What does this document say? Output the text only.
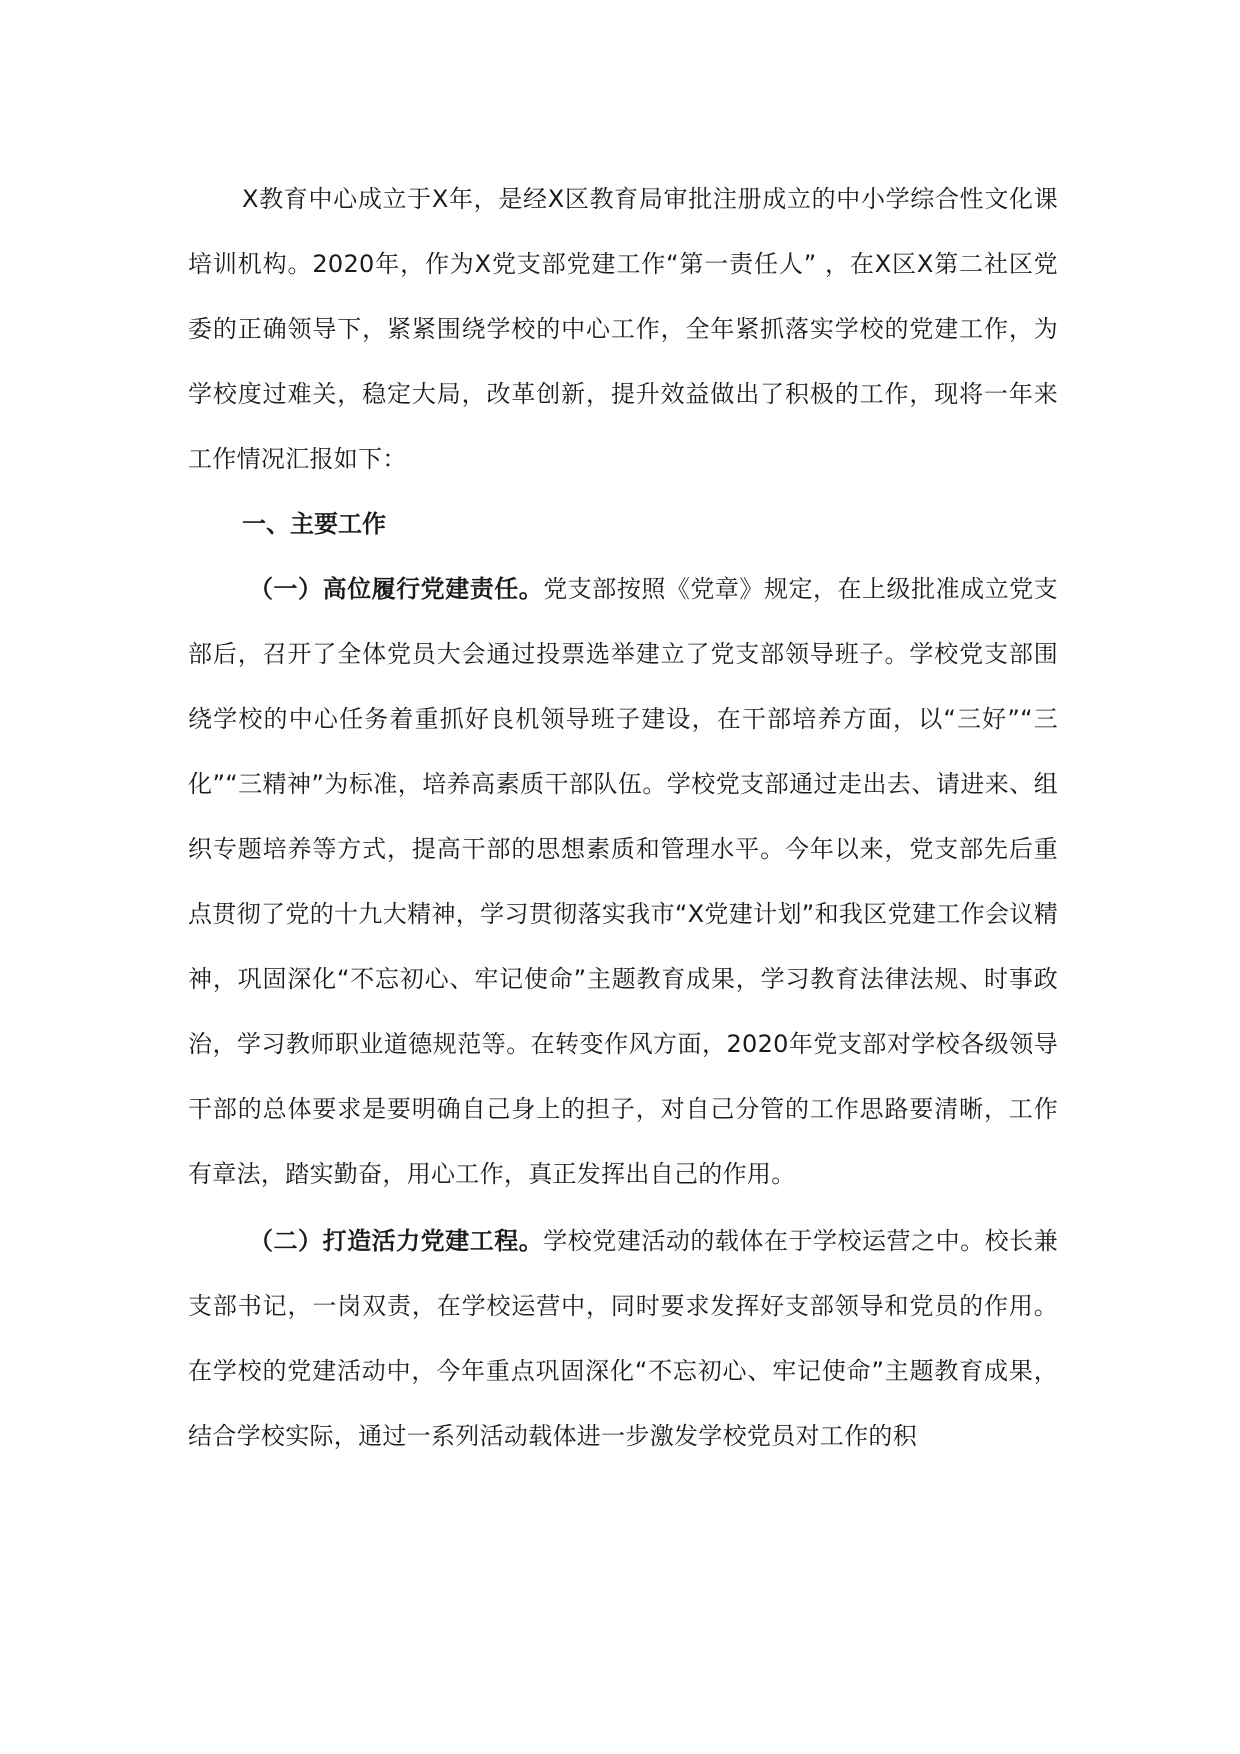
X教育中心成立于X年，是经X区教育局审批注册成立的中小学综合性文化课培训机构。2020年，作为X党支部党建工作“第一责任人” ，在X区X第二社区党委的正确领导下，紧紧围绕学校的中心工作，全年紧抓落实学校的党建工作，为学校度过难关，稳定大局，改革创新，提升效益做出了积极的工作，现将一年来工作情况汇报如下：

一、主要工作

（一）高位履行党建责任。党支部按照《党章》规定，在上级批准成立党支部后，召开了全体党员大会通过投票选举建立了党支部领导班子。学校党支部围绕学校的中心任务着重抓好良机领导班子建设，在干部培养方面，以“三好”“三化”“三精神”为标准，培养高素质干部队伍。学校党支部通过走出去、请进来、组织专题培养等方式，提高干部的思想素质和管理水平。今年以来，党支部先后重点贯彻了党的十九大精神，学习贯彻落实我市“X党建计划”和我区党建工作会议精神，巩固深化“不忘初心、牢记使命”主题教育成果，学习教育法律法规、时事政治，学习教师职业道德规范等。在转变作风方面，2020年党支部对学校各级领导干部的总体要求是要明确自己身上的担子，对自己分管的工作思路要清晰，工作有章法，踏实勤奋，用心工作，真正发挥出自己的作用。

（二）打造活力党建工程。学校党建活动的载体在于学校运营之中。校长兼支部书记，一岗双责，在学校运营中，同时要求发挥好支部领导和党员的作用。在学校的党建活动中，今年重点巩固深化“不忘初心、牢记使命”主题教育成果，结合学校实际，通过一系列活动载体进一步激发学校党员对工作的积
